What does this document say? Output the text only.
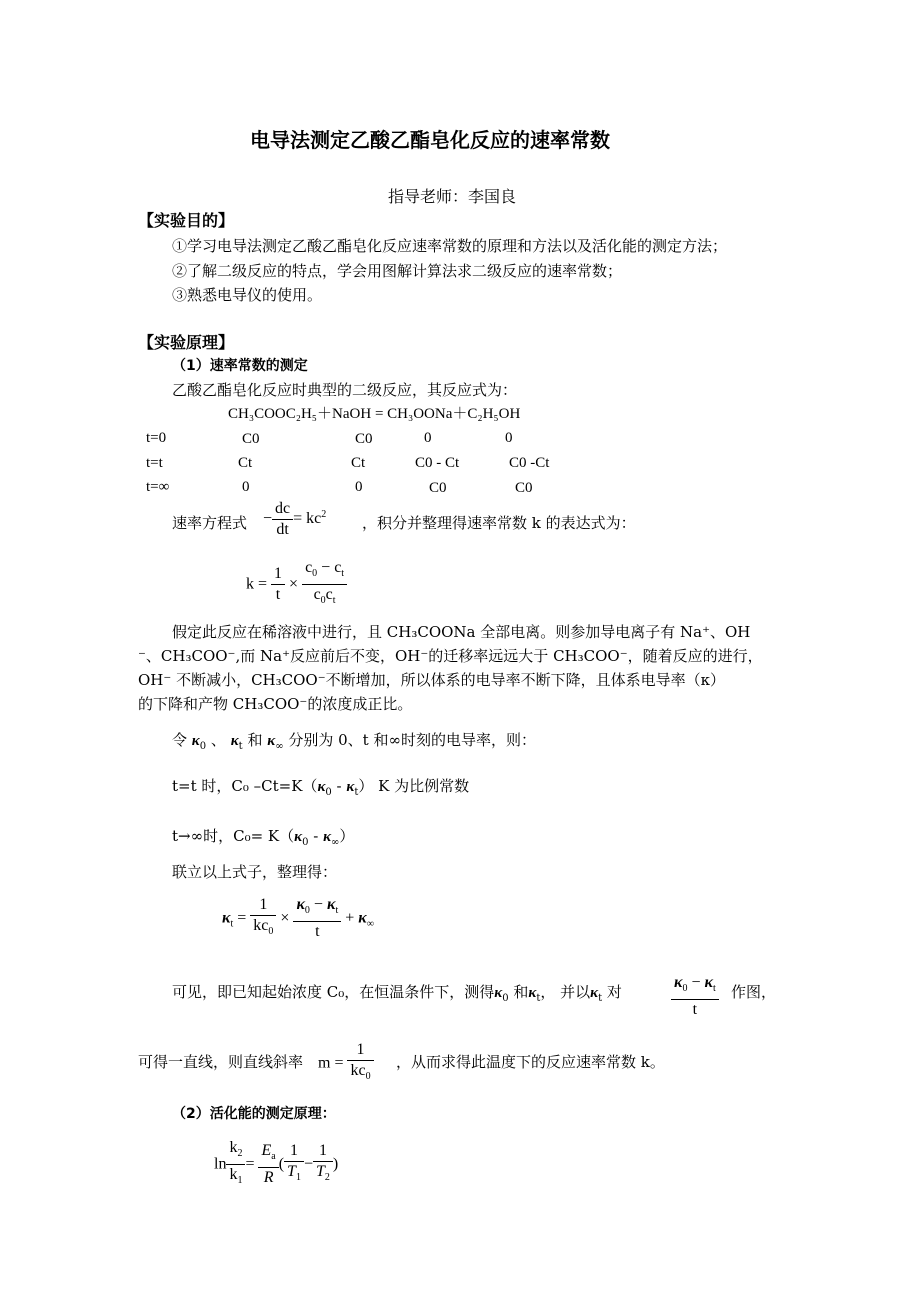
电导法测定乙酸乙酯皂化反应的速率常数
指导老师：李国良
【实验目的】
①学习电导法测定乙酸乙酯皂化反应速率常数的原理和方法以及活化能的测定方法；
②了解二级反应的特点，学会用图解计算法求二级反应的速率常数；
③熟悉电导仪的使用。
【实验原理】
（1）速率常数的测定
乙酸乙酯皂化反应时典型的二级反应，其反应式为：
CH₃COOC₂H₅＋NaOH = CH₃OONa＋C₂H₅OH
t=0	C0	C0	0	0
t=t	Ct	Ct	C0 - Ct	C0 -Ct
t=∞	0	0	C0	C0
速率方程式 − $\frac{dc}{dt} = kc^2$ ，积分并整理得速率常数 k 的表达式为：
$k = \frac{1}{t} \times \frac{c_0 - c_t}{c_0c_t}$
假定此反应在稀溶液中进行，且 CH₃COONa 全部电离。则参加导电离子有 Na⁺、OH
⁻、CH₃COO⁻,而 Na⁺反应前后不变，OH⁻的迁移率远远大于 CH₃COO⁻，随着反应的进行，
OH⁻ 不断减小，CH₃COO⁻不断增加，所以体系的电导率不断下降，且体系电导率（κ）
的下降和产物 CH₃COO⁻的浓度成正比。
令 $\kappa_0$ 、 $\kappa_t$ 和 $\kappa_\infty$ 分别为 0、t 和∞时刻的电导率，则：
t=t 时，C₀ $-Ct=K(\kappa_0 - \kappa_t)$ K 为比例常数
t→∞时，$C_0= K(\kappa_0 - \kappa_\infty)$
联立以上式子，整理得：
$\kappa_t = \frac{1}{kc_0} \times \frac{\kappa_0 - \kappa_t}{t} + \kappa_\infty$
可见，即已知起始浓度 C₀，在恒温条件下，测得$\kappa_0$ 和$\kappa_t$， 并以$\kappa_t$ 对	$\frac{\kappa_0 - \kappa_t}{t}$ 作图，
可得一直线，则直线斜率 $m = \frac{1}{kc_0}$ ，从而求得此温度下的反应速率常数 k。
（2）活化能的测定原理：
$\ln \frac{k_2}{k_1} = \frac{E_a}{R}$ ( $\frac{1}{T_1} - \frac{1}{T_2}$ )
